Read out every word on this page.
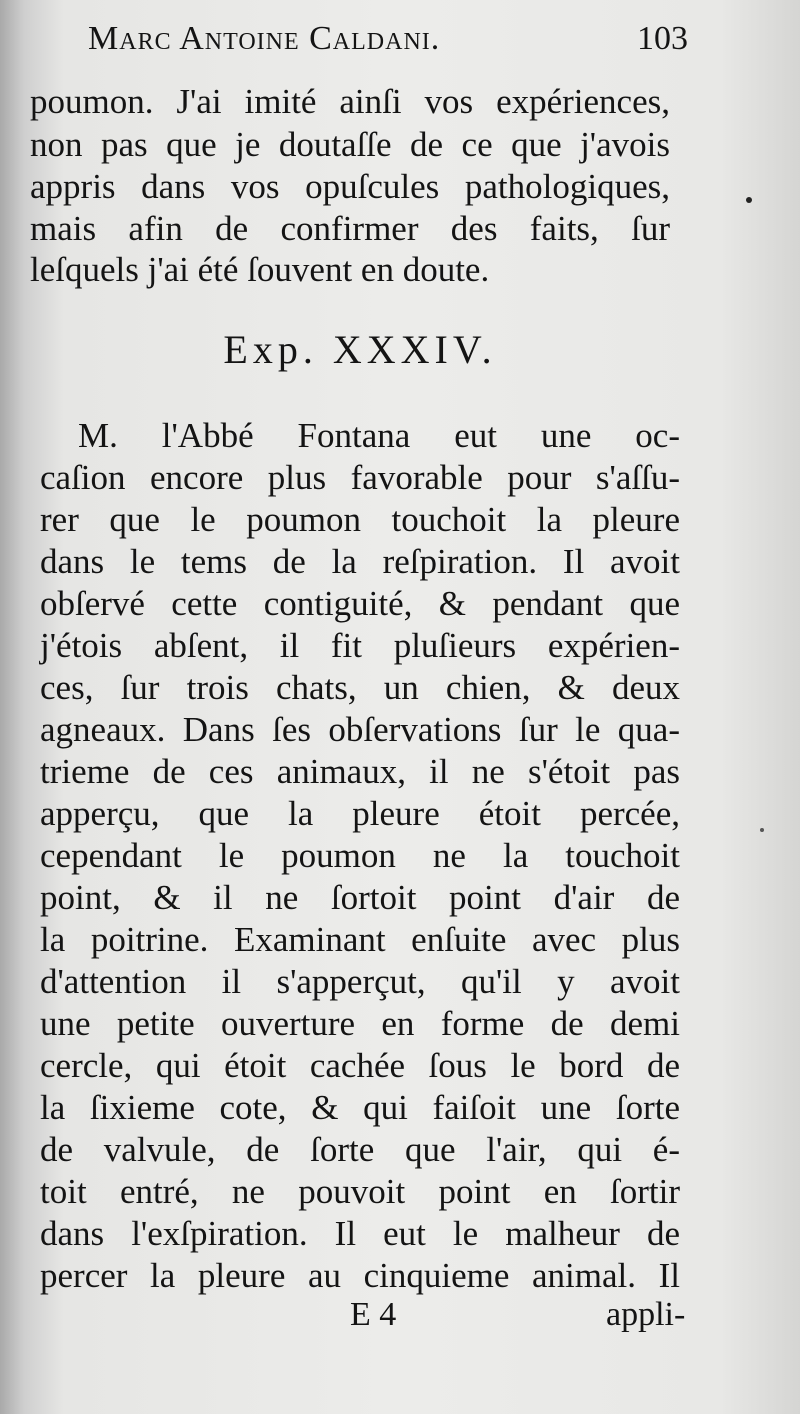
Marc Antoine Caldani.	103
poumon. J'ai imité ainſi vos expériences,
non pas que je doutaſſe de ce que j'avois
appris dans vos opuſcules pathologiques,
mais afin de confirmer des faits, ſur
leſquels j'ai été ſouvent en doute.
Exp. XXXIV.
M. l'Abbé Fontana eut une oc-
caſion encore plus favorable pour s'aſſu-
rer que le poumon touchoit la pleure
dans le tems de la reſpiration. Il avoit
obſervé cette contiguité, & pendant que
j'étois abſent, il fit pluſieurs expérien-
ces, ſur trois chats, un chien, & deux
agneaux. Dans ſes obſervations ſur le qua-
trieme de ces animaux, il ne s'étoit pas
apperçu, que la pleure étoit percée,
cependant le poumon ne la touchoit
point, & il ne ſortoit point d'air de
la poitrine. Examinant enſuite avec plus
d'attention il s'apperçut, qu'il y avoit
une petite ouverture en forme de demi
cercle, qui étoit cachée ſous le bord de
la ſixieme cote, & qui faiſoit une ſorte
de valvule, de ſorte que l'air, qui é-
toit entré, ne pouvoit point en ſortir
dans l'exſpiration. Il eut le malheur de
percer la pleure au cinquieme animal. Il
E 4	appli-
